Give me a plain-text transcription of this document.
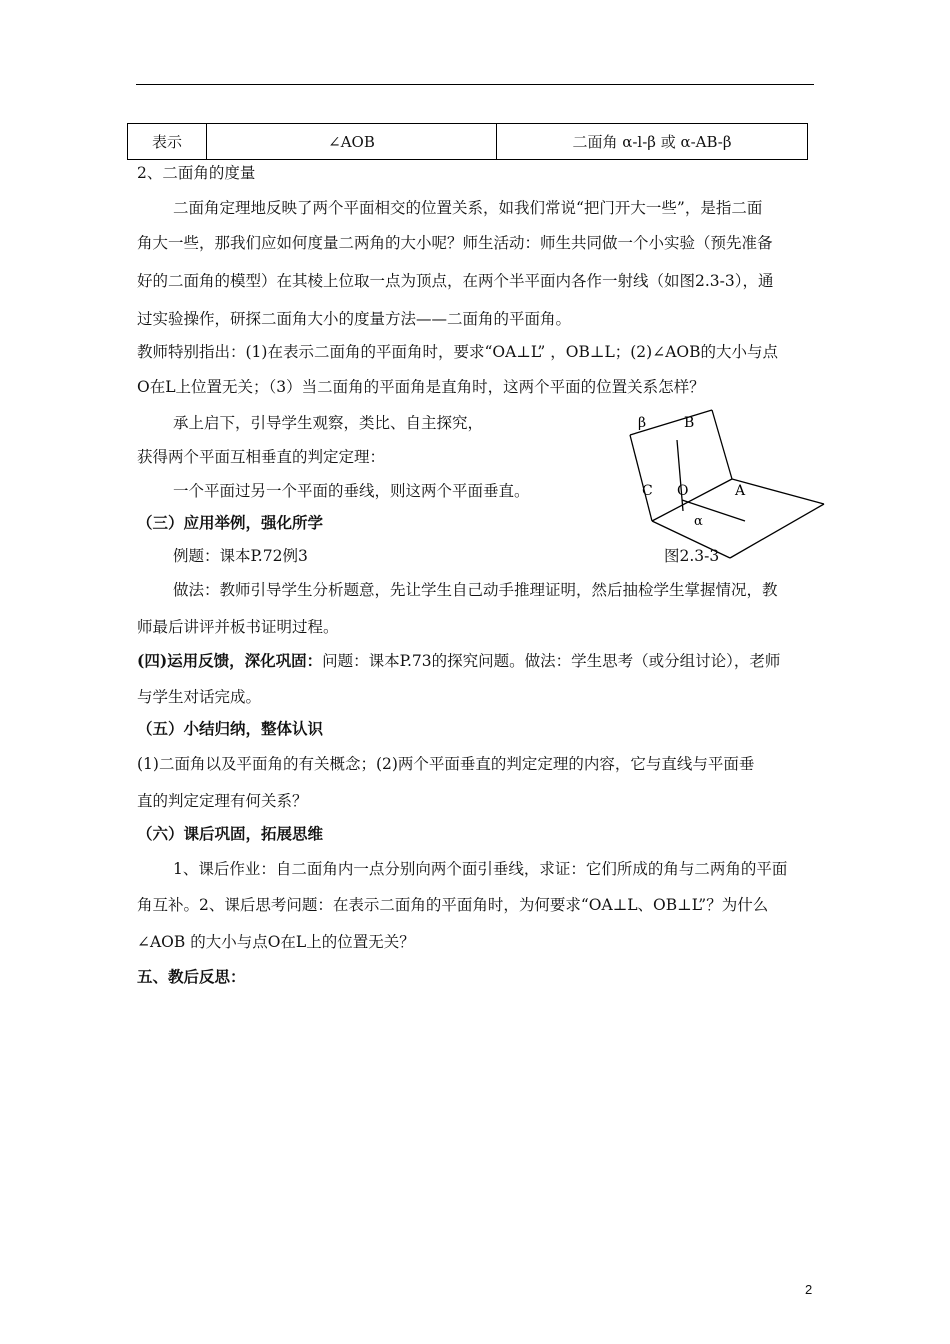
表示	∠AOB	二面角 α-l-β 或 α-AB-β
2、二面角的度量
二面角定理地反映了两个平面相交的位置关系，如我们常说“把门开大一些”，是指二面
角大一些，那我们应如何度量二两角的大小呢？师生活动：师生共同做一个小实验（预先准备
好的二面角的模型）在其棱上位取一点为顶点，在两个半平面内各作一射线（如图2.3-3），通
过实验操作，研探二面角大小的度量方法——二面角的平面角。
教师特别指出：(1)在表示二面角的平面角时，要求“OA⊥L” ，OB⊥L；(2)∠AOB的大小与点
O在L上位置无关；（3）当二面角的平面角是直角时，这两个平面的位置关系怎样？
承上启下，引导学生观察，类比、自主探究，
获得两个平面互相垂直的判定定理：
一个平面过另一个平面的垂线，则这两个平面垂直。
（三）应用举例，强化所学
例题：课本P.72例3
β	B
C O	A
α
图2.3-3
做法：教师引导学生分析题意，先让学生自己动手推理证明，然后抽检学生掌握情况，教
师最后讲评并板书证明过程。
(四)运用反馈，深化巩固：问题：课本P.73的探究问题。做法：学生思考（或分组讨论），老师
与学生对话完成。
（五）小结归纳，整体认识
(1)二面角以及平面角的有关概念；(2)两个平面垂直的判定定理的内容，它与直线与平面垂
直的判定定理有何关系？
（六）课后巩固，拓展思维
1、课后作业：自二面角内一点分别向两个面引垂线，求证：它们所成的角与二两角的平面
角互补。2、课后思考问题：在表示二面角的平面角时，为何要求“OA⊥L、OB⊥L”？为什么
∠AOB 的大小与点O在L上的位置无关？
五、教后反思：
2
